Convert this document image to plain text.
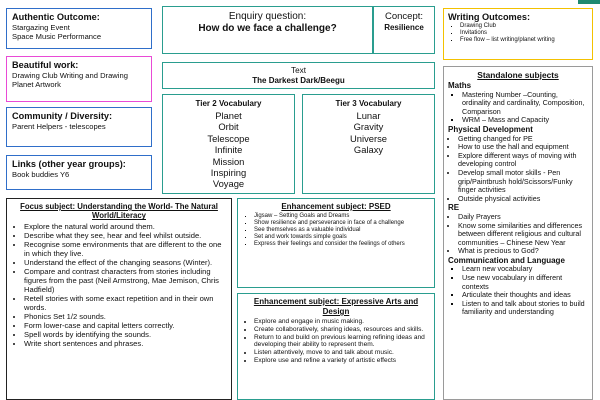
Authentic Outcome:
Stargazing Event
Space Music Performance
Enquiry question:
How do we face a challenge?
Concept:
Resilience
Writing Outcomes:
▪ Drawing Club
▪ Invitations
▪ Free flow – list writing/planet writing
Beautiful work:
Drawing Club Writing and Drawing
Planet Artwork
Text
The Darkest Dark/Beegu
Community / Diversity:
Parent Helpers - telescopes
Tier 2 Vocabulary
Planet
Orbit
Telescope
Infinite
Mission
Inspiring
Voyage
Tier 3 Vocabulary
Lunar
Gravity
Universe
Galaxy
Links (other year groups):
Book buddies Y6
Focus subject: Understanding the World- The Natural World/Literacy
• Explore the natural world around them.
• Describe what they see, hear and feel whilst outside.
• Recognise some environments that are different to the one in which they live.
• Understand the effect of the changing seasons (Winter).
• Compare and contrast characters from stories including figures from the past (Neil Armstrong, Mae Jemison, Chris Hadfield)
• Retell stories with some exact repetition and in their own words.
• Phonics Set 1/2 sounds.
• Form lower-case and capital letters correctly.
• Spell words by identifying the sounds.
• Write short sentences and phrases.
Enhancement subject: PSED
▪ Jigsaw – Setting Goals and Dreams
▪ Show resilience and perseverance in face of a challenge
▪ See themselves as a valuable individual
▪ Set and work towards simple goals
▪ Express their feelings and consider the feelings of others
Enhancement subject: Expressive Arts and Design
• Explore and engage in music making.
• Create collaboratively, sharing ideas, resources and skills.
• Return to and build on previous learning refining ideas and developing their ability to represent them.
• Listen attentively, move to and talk about music.
• Explore use and refine a variety of artistic effects
Standalone subjects
Maths
▪ Mastering Number –Counting, ordinality and cardinality, Composition, Comparison
▪ WRM – Mass and Capacity
Physical Development
• Getting changed for PE
• How to use the hall and equipment
• Explore different ways of moving with developing control
• Develop small motor skills - Pen grip/Paintbrush hold/Scissors/Funky finger activities
• Outside physical activities
RE
• Daily Prayers
• Know some similarities and differences between different religious and cultural communities – Chinese New Year
• What is precious to God?
Communication and Language
▪ Learn new vocabulary
▪ Use new vocabulary in different contexts
▪ Articulate their thoughts and ideas
▪ Listen to and talk about stories to build familiarity and understanding
